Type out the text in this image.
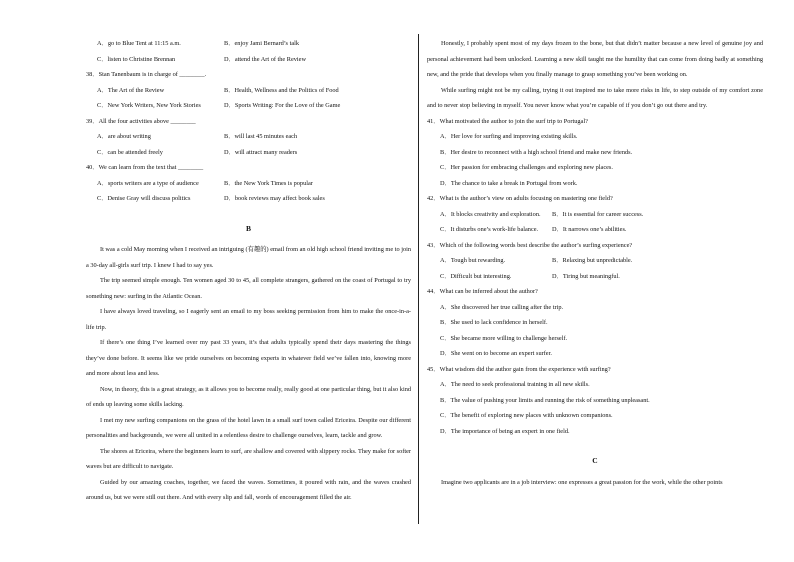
A．go to Blue Tent at 11:15 a.m.	B．enjoy Jami Bernard’s talk
C．listen to Christine Brennan	D．attend the Art of the Review
38．Stan Tanenbaum is in charge of ________.
A．The Art of the Review	B．Health, Wellness and the Politics of Food
C．New York Writers, New York Stories	D．Sports Writing: For the Love of the Game
39．All the four activities above ________
A．are about writing	B．will last 45 minutes each
C．can be attended freely	D．will attract many readers
40．We can learn from the text that ________
A．sports writers are a type of audience	B．the New York Times is popular
C．Denise Gray will discuss politics	D．book reviews may affect book sales
B
It was a cold May morning when I received an intriguing (有趣的) email from an old high school friend inviting me to join a 30-day all-girls surf trip. I knew I had to say yes.
The trip seemed simple enough. Ten women aged 30 to 45, all complete strangers, gathered on the coast of Portugal to try something new: surfing in the Atlantic Ocean.
I have always loved traveling, so I eagerly sent an email to my boss seeking permission from him to make the once-in-a-life trip.
If there’s one thing I’ve learned over my past 33 years, it’s that adults typically spend their days mastering the things they’ve done before. It seems like we pride ourselves on becoming experts in whatever field we’ve fallen into, knowing more and more about less and less.
Now, in theory, this is a great strategy, as it allows you to become really, really good at one particular thing, but it also kind of ends up leaving some skills lacking.
I met my new surfing companions on the grass of the hotel lawn in a small surf town called Ericeira. Despite our different personalities and backgrounds, we were all united in a relentless desire to challenge ourselves, learn, tackle and grow.
The shores at Ericeira, where the beginners learn to surf, are shallow and covered with slippery rocks. They make for softer waves but are difficult to navigate.
Guided by our amazing coaches, together, we faced the waves. Sometimes, it poured with rain, and the waves crashed around us, but we were still out there. And with every slip and fall, words of encouragement filled the air.
Honestly, I probably spent most of my days frozen to the bone, but that didn’t matter because a new level of genuine joy and personal achievement had been unlocked. Learning a new skill taught me the humility that can come from doing badly at something new, and the pride that develops when you finally manage to grasp something you’ve been working on.
While surfing might not be my calling, trying it out inspired me to take more risks in life, to step outside of my comfort zone and to never stop believing in myself. You never know what you’re capable of if you don’t go out there and try.
41．What motivated the author to join the surf trip to Portugal?
A．Her love for surfing and improving existing skills.
B．Her desire to reconnect with a high school friend and make new friends.
C．Her passion for embracing challenges and exploring new places.
D．The chance to take a break in Portugal from work.
42．What is the author’s view on adults focusing on mastering one field?
A．It blocks creativity and exploration. B．It is essential for career success.
C．It disturbs one’s work-life balance. D．It narrows one’s abilities.
43．Which of the following words best describe the author’s surfing experience?
A．Tough but rewarding.	B．Relaxing but unpredictable.
C．Difficult but interesting.	D．Tiring but meaningful.
44．What can be inferred about the author?
A．She discovered her true calling after the trip.
B．She used to lack confidence in herself.
C．She became more willing to challenge herself.
D．She went on to become an expert surfer.
45．What wisdom did the author gain from the experience with surfing?
A．The need to seek professional training in all new skills.
B．The value of pushing your limits and running the risk of something unpleasant.
C．The benefit of exploring new places with unknown companions.
D．The importance of being an expert in one field.
C
Imagine two applicants are in a job interview: one expresses a great passion for the work, while the other points
